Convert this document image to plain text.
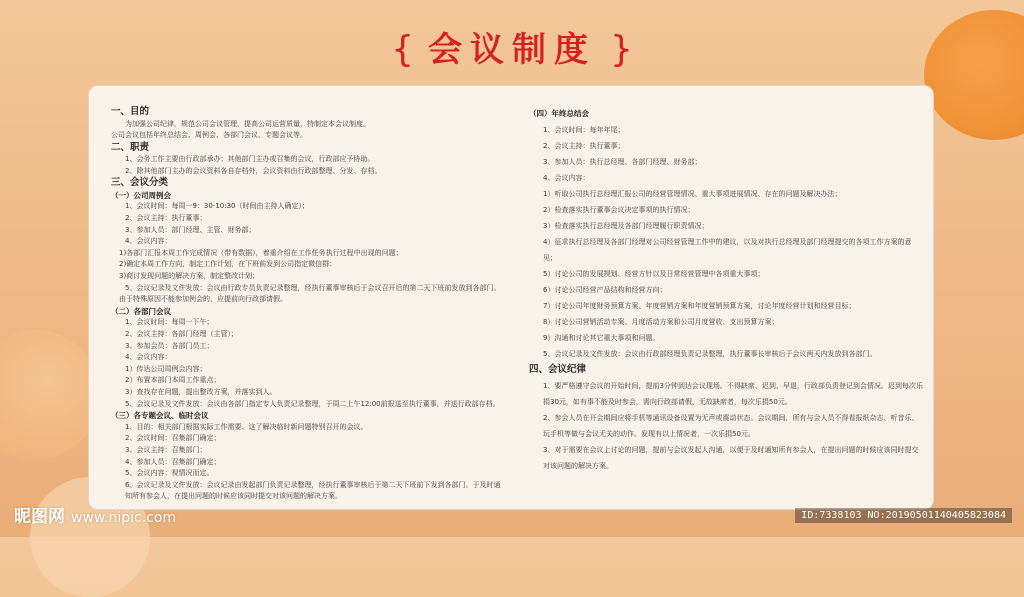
{ 会议制度 }
一、目的
为加强公司纪律，规范公司会议管理，提高公司运营质量，特制定本会议制度。
公司会议包括年终总结会、周例会、各部门会议、专题会议等。
二、职责
1、会务工作主要由行政部承办；其他部门主办或召集的会议，行政部应予协助。
2、除其他部门主办的会议资料各自存档外，会议资料由行政部整理、分发、存档。
三、会议分类
（一）公司周例会
1、会议时间：每周一9：30-10:30（时间由主持人确定）；
2、会议主持：执行董事；
3、参加人员：部门经理、主管、财务部；
4、会议内容：
1)各部门汇报本周工作完成情况（带有数据），着重介绍在工作任务执行过程中出现的问题；
2)确定本周工作方向，制定工作计划，在下班前发到公司指定微信群：
3)商讨发现问题的解决方案，制定整改计划；
5、会议记录及文件发放：会议由行政专员负责记录整理，经执行董事审核后于会议召开后的第二天下班前发放到各部门。
由于特殊原因不能参加例会的，应提前向行政部请假。
（二）各部门会议
1、会议时间：每周一下午；
2、会议主持：各部门经理（主管）；
3、参加会员：各部门员工；
4、会议内容：
1）传达公司周例会内容；
2）布置本部门本周工作重点；
3）查找存在问题，提出整改方案，并落实到人。
5、会议记录及文件发放：会议由各部门指定专人负责记录整理，于周二上午12:00前报送至执行董事，并送行政部存档。
（三）各专题会议、临时会议
1、目的：相关部门根据实际工作需要、这了解决临时新问题特别召开的会议。
2、会议时间：召集部门确定；
3、会议主持：召集部门；
4、参加人员：召集部门确定；
5、会议内容：视情况而定。
6、会议记录及文件发放：会议记录由发起部门负责记录整理，经执行董事审核后于第二天下班前下发到各部门。于及时通知所有参会人，在提出问题的时候应该同时提交对该问题的解决方案。
（四）年终总结会
1、会议时间：每年年尾；
2、会议主持：执行董事；
3、参加人员：执行总经理、各部门经理、财务部；
4、会议内容：
1）听取公司执行总经理汇报公司的经营管理情况、重大事项进展情况、存在的问题及解决办法；
2）检查落实执行董事会议决定事项的执行情况；
3）检查落实执行总经理及各部门经理履行职责情况；
4）征求执行总经理及各部门经理对公司经营管理工作中的建议，以及对执行总经理及部门经理提交的各项工作方案的意见；
5）讨论公司的发展规划、经营方针以及日常经营管理中各项重大事项；
6）讨论公司经营产品结构和经营方向；
7）讨论公司年度财务预算方案、年度营销方案和年度营销预算方案，讨论年度经营计划和经营目标；
8）讨论公司营销活动专案、月度活动方案和公司月度营收、支出预算方案；
9）沟通和讨论其它重大事项和问题。
5、会议记录及文件发放：会议由行政部经理负责记录整理，执行董事长审核后于会议两天内发放到各部门。
四、会议纪律
1、要严格遵守会议的开始时间，提前3分钟到达会议现场。不得缺席、迟到、早退，行政部负责登记到会情况。迟到每次乐捐30元，如有事不能及时参会，需向行政部请假，无故缺席者，每次乐捐50元。
2、参会人员在开会期间应将手机等通讯设备设置为无声或震动状态。会议期间，所有与会人员不得看报纸杂志、听音乐、玩手机等做与会议无关的动作。发现有以上情况者，一次乐捐50元。
3、对于需要在会议上讨论的问题，提前与会议发起人沟通，以便于及时通知所有参会人，在提出问题的时候应该同时提交对该问题的解决方案。
昵图网 www.nipic.com	ID:7338103 NO:20190501140405823084
